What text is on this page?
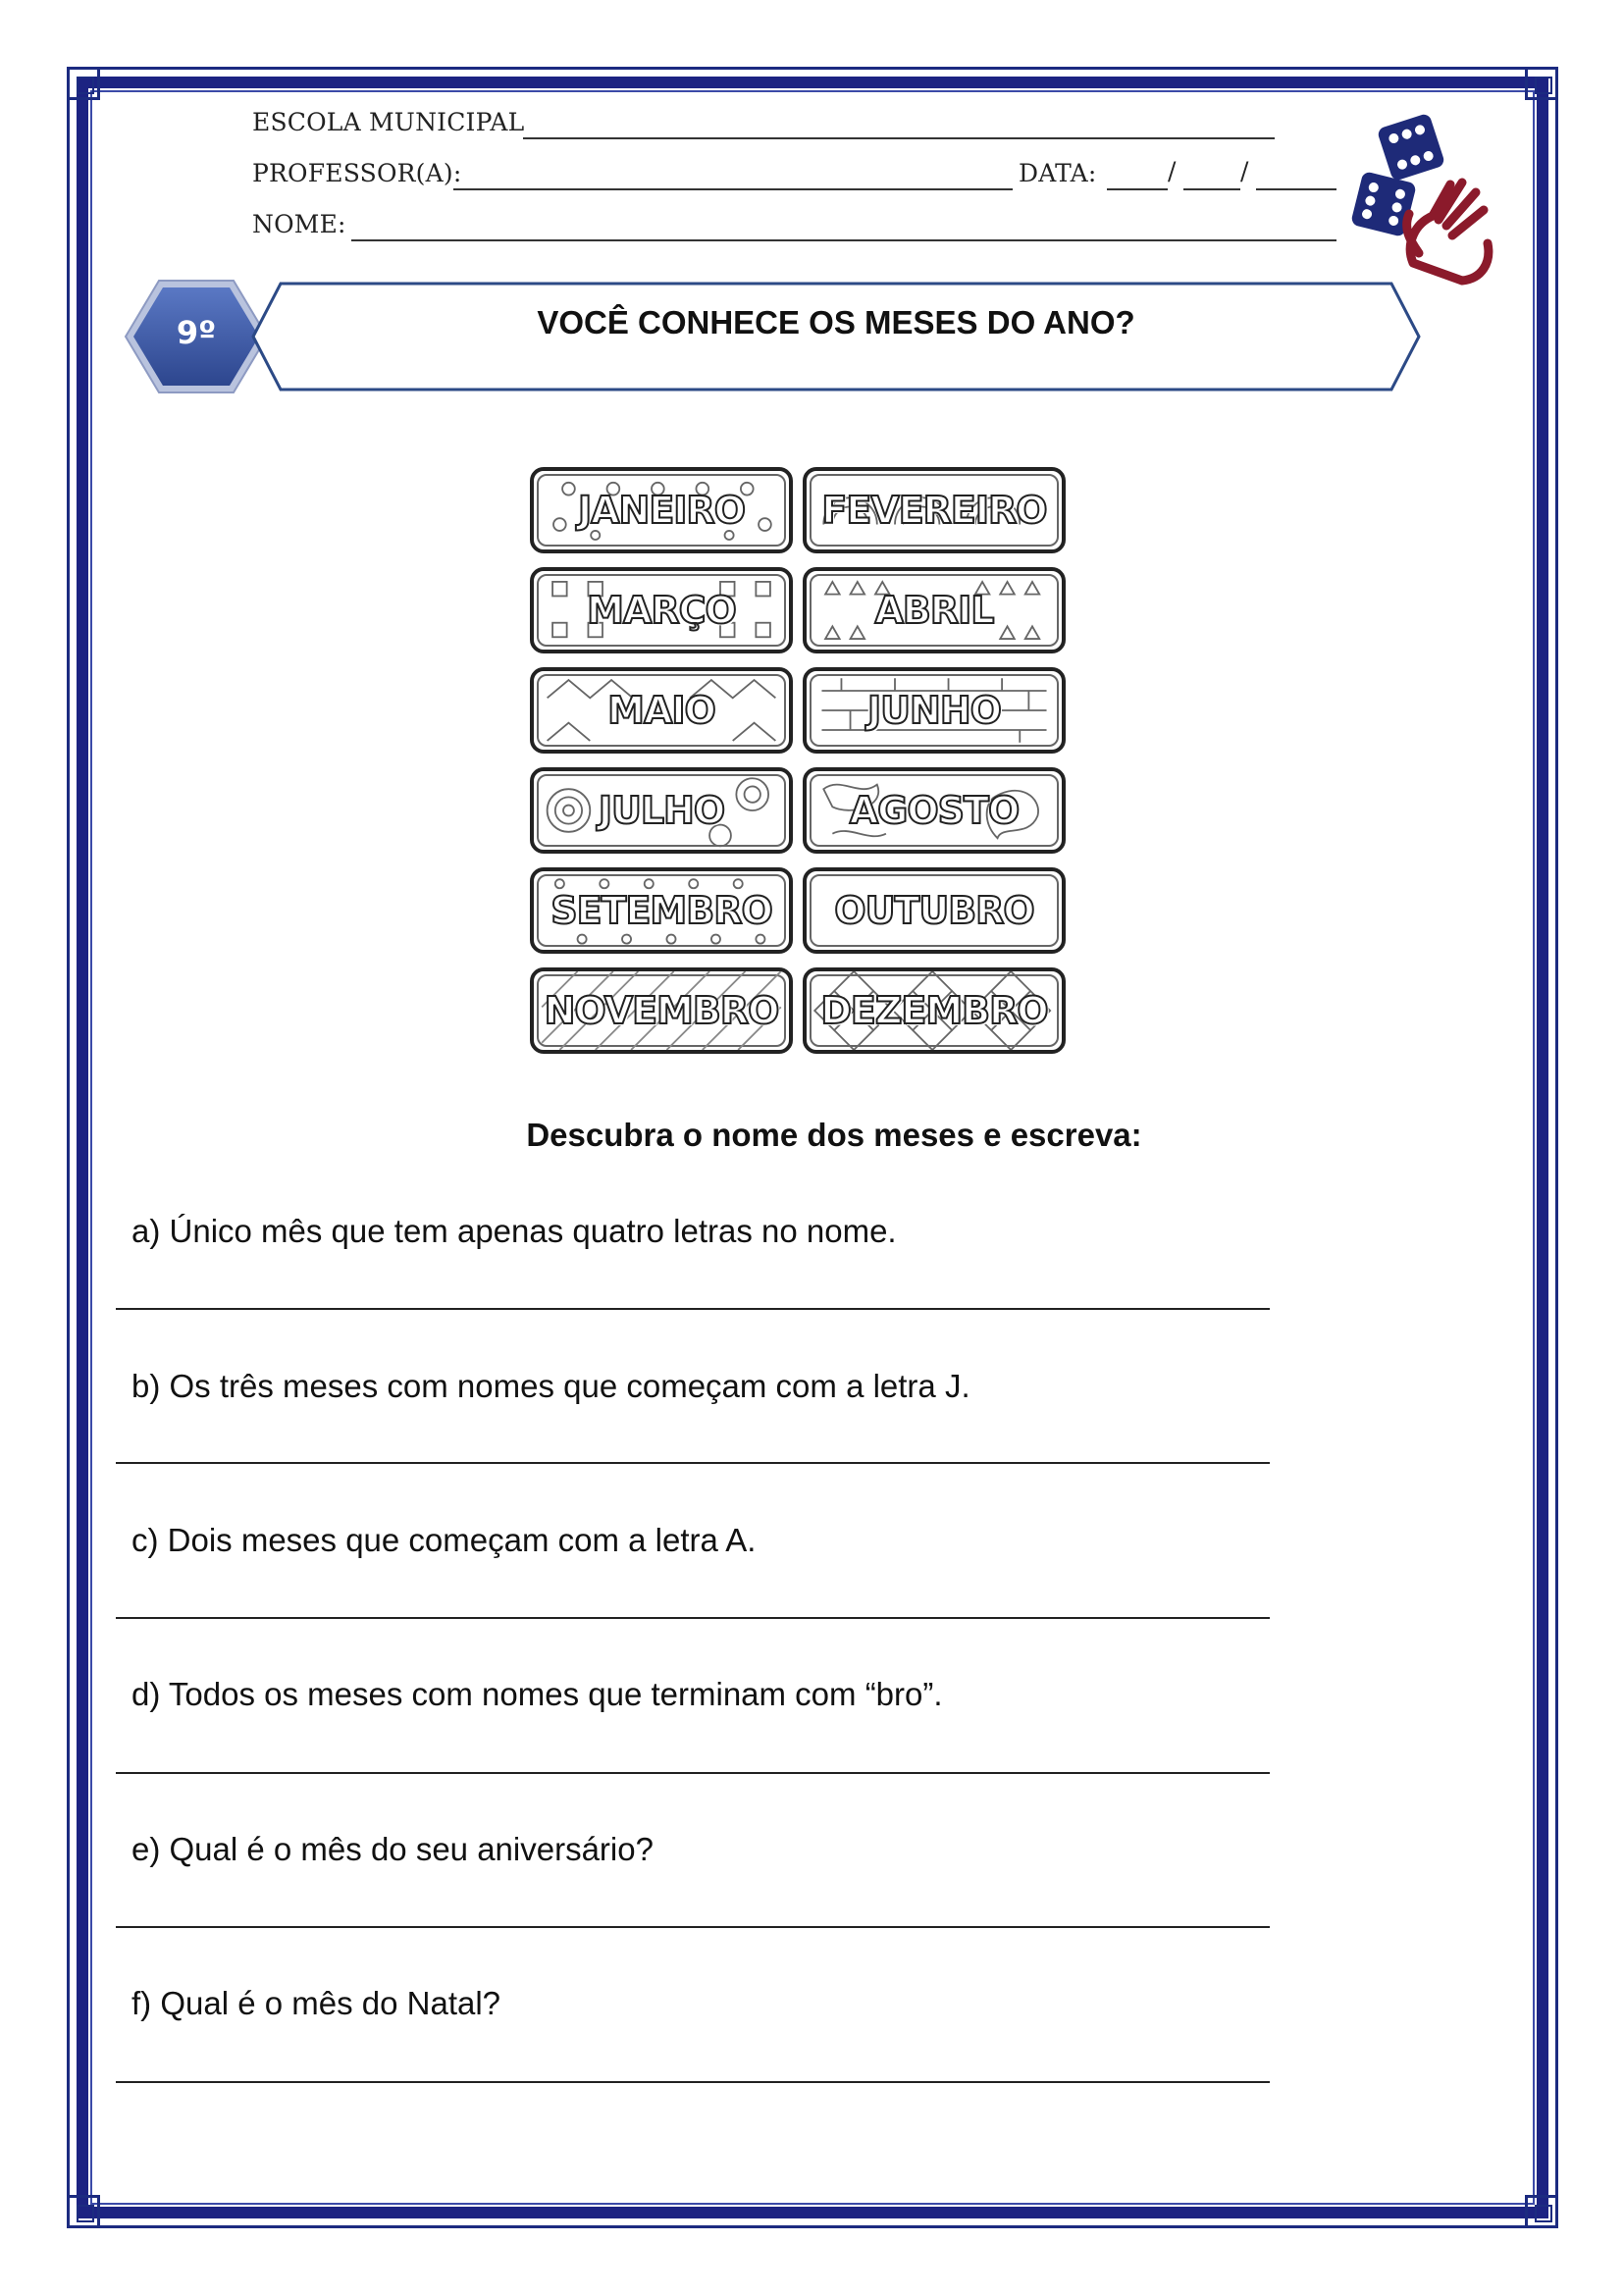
ESCOLA MUNICIPAL
PROFESSOR(A):	DATA:	/	/
NOME:
9º	VOCÊ CONHECE OS MESES DO ANO?
JANEIRO	FEVEREIRO
MARÇO	ABRIL
MAIO	JUNHO
JULHO	AGOSTO
SETEMBRO	OUTUBRO
NOVEMBRO	DEZEMBRO
Descubra o nome dos meses e escreva:
a) Único mês que tem apenas quatro letras no nome.
b) Os três meses com nomes que começam com a letra J.
c) Dois meses que começam com a letra A.
d) Todos os meses com nomes que terminam com “bro”.
e) Qual é o mês do seu aniversário?
f) Qual é o mês do Natal?
